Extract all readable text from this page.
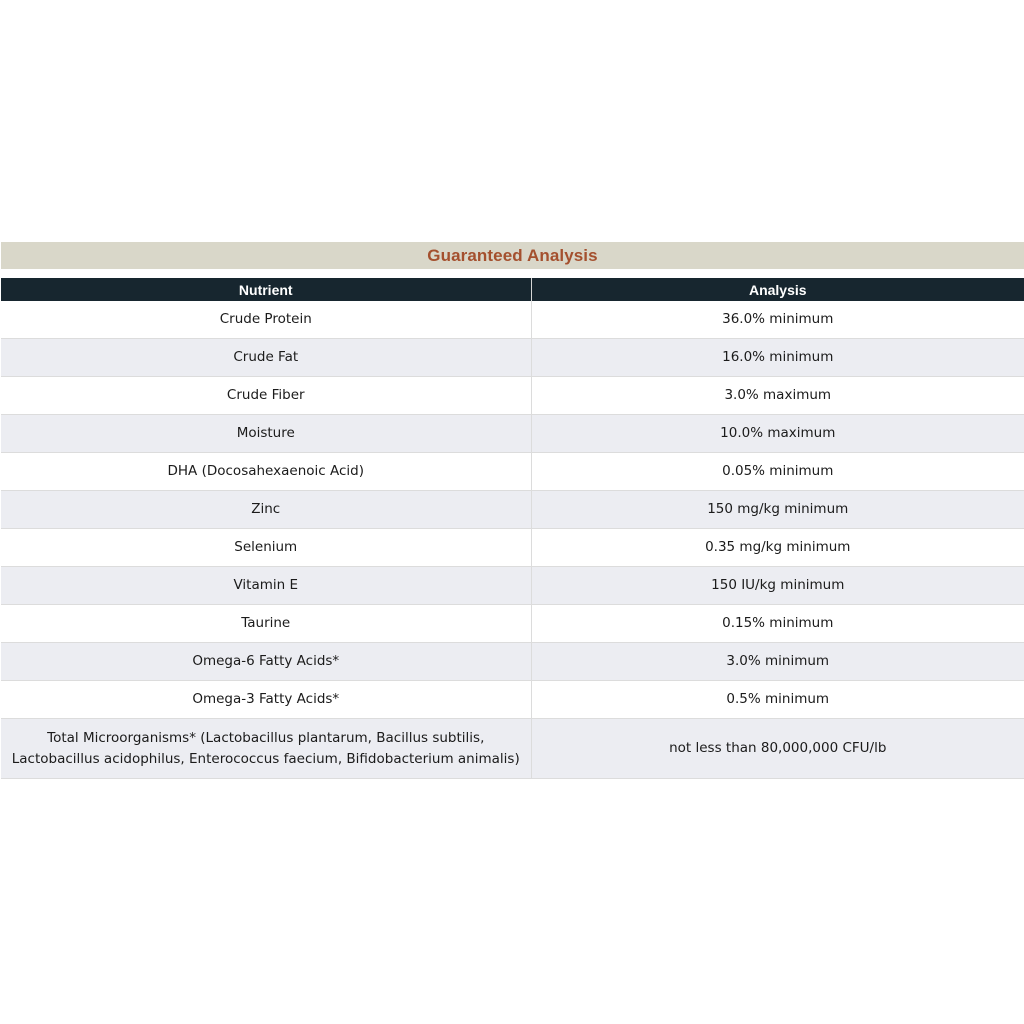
Guaranteed Analysis
Nutrient	Analysis
Crude Protein	36.0% minimum
Crude Fat	16.0% minimum
Crude Fiber	3.0% maximum
Moisture	10.0% maximum
DHA (Docosahexaenoic Acid)	0.05% minimum
Zinc	150 mg/kg minimum
Selenium	0.35 mg/kg minimum
Vitamin E	150 IU/kg minimum
Taurine	0.15% minimum
Omega-6 Fatty Acids*	3.0% minimum
Omega-3 Fatty Acids*	0.5% minimum
Total Microorganisms* (Lactobacillus plantarum, Bacillus subtilis, Lactobacillus acidophilus, Enterococcus faecium, Bifidobacterium animalis)	not less than 80,000,000 CFU/lb
